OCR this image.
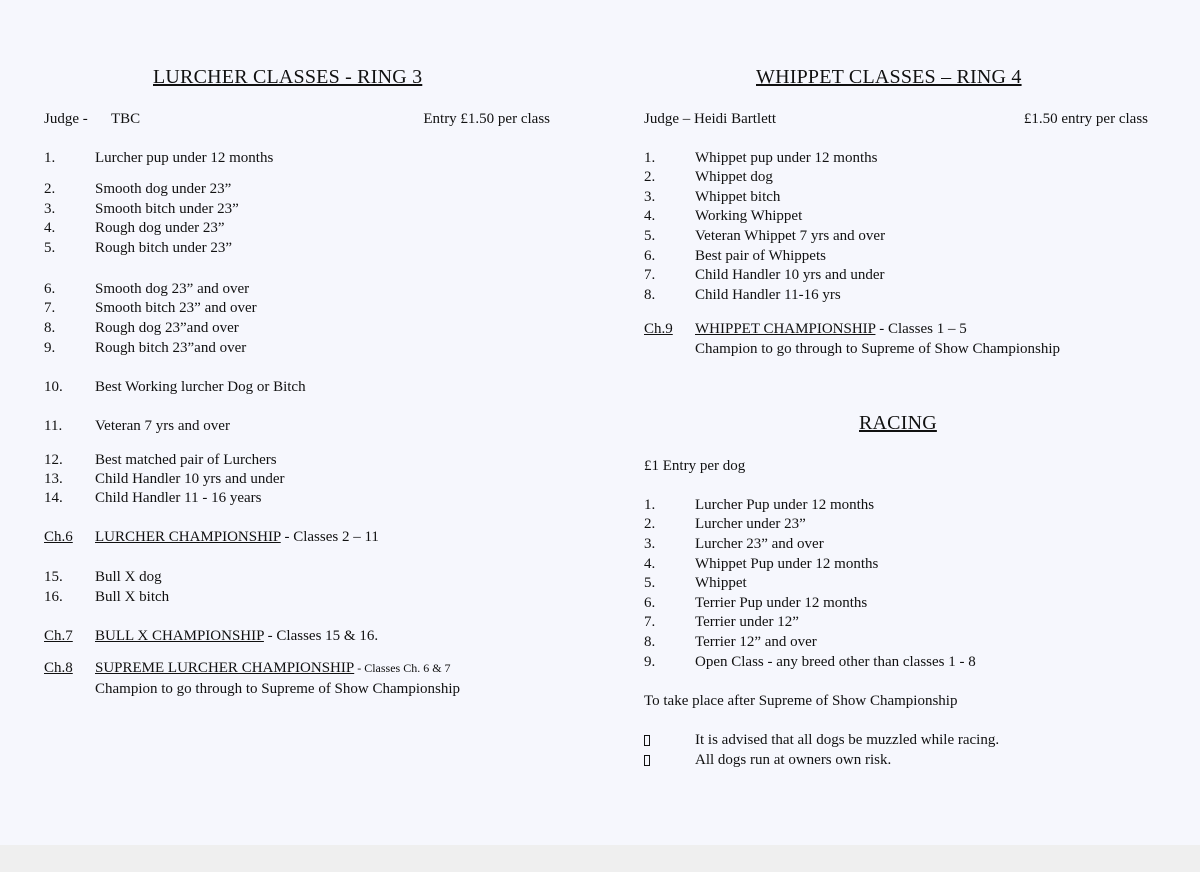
LURCHER CLASSES - RING 3
Judge - TBC	Entry £1.50 per class
1.	Lurcher pup under 12 months
2.	Smooth dog under 23”
3.	Smooth bitch under 23”
4.	Rough dog under 23”
5.	Rough bitch under 23”
6.	Smooth dog 23” and over
7.	Smooth bitch 23” and over
8.	Rough dog 23”and over
9.	Rough bitch 23”and over
10. Best Working lurcher Dog or Bitch
11. Veteran 7 yrs and over
12. Best matched pair of Lurchers
13. Child Handler 10 yrs and under
14. Child Handler 11 - 16 years
Ch.6 LURCHER CHAMPIONSHIP - Classes 2 – 11
15. Bull X dog
16. Bull X bitch
Ch.7 BULL X CHAMPIONSHIP - Classes 15 & 16.
Ch.8 SUPREME LURCHER CHAMPIONSHIP - Classes Ch. 6 & 7
Champion to go through to Supreme of Show Championship
WHIPPET CLASSES – RING 4
Judge – Heidi Bartlett	£1.50 entry per class
1.	Whippet pup under 12 months
2.	Whippet dog
3.	Whippet bitch
4.	Working Whippet
5.	Veteran Whippet 7 yrs and over
6.	Best pair of Whippets
7.	Child Handler 10 yrs and under
8.	Child Handler 11-16 yrs
Ch.9 WHIPPET CHAMPIONSHIP - Classes 1 – 5
Champion to go through to Supreme of Show Championship
RACING
£1 Entry per dog
1.	Lurcher Pup under 12 months
2.	Lurcher under 23”
3.	Lurcher 23” and over
4.	Whippet Pup under 12 months
5.	Whippet
6.	Terrier Pup under 12 months
7.	Terrier under 12”
8.	Terrier 12” and over
9.	Open Class - any breed other than classes 1 - 8
To take place after Supreme of Show Championship
It is advised that all dogs be muzzled while racing.
All dogs run at owners own risk.
